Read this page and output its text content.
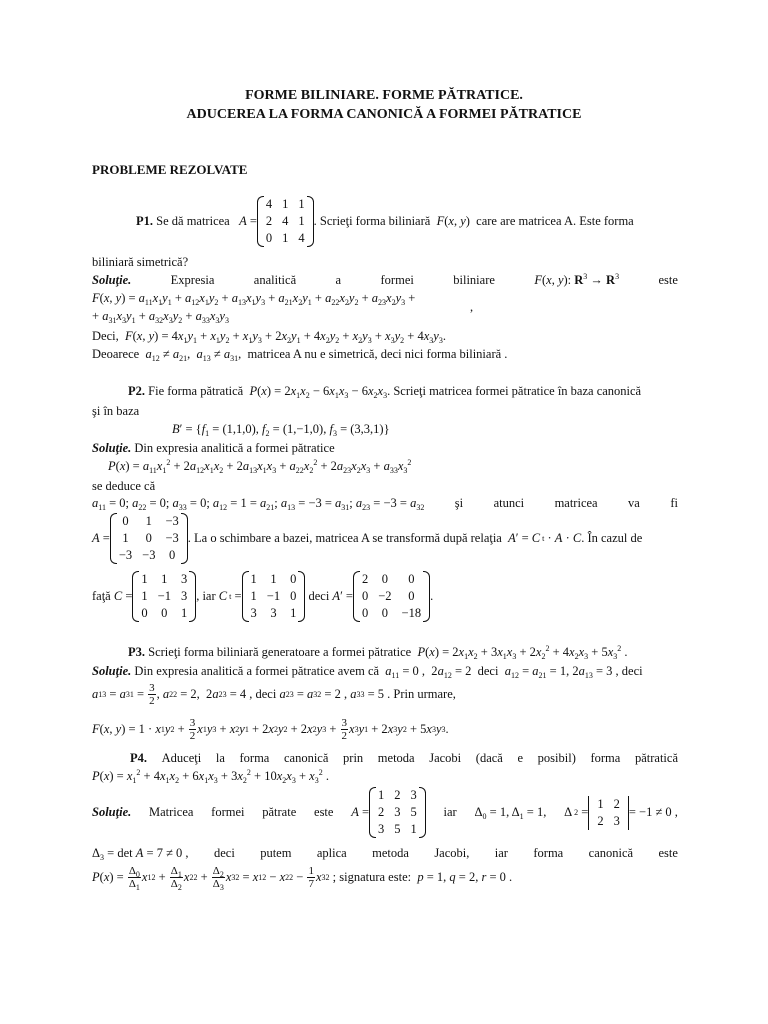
FORME BILINIARE. FORME PĂTRATICE.
ADUCEREA LA FORMA CANONICĂ A FORMEI PĂTRATICE
PROBLEME REZOLVATE
P1.
Se dă matricea
A =
4	1	1
2	4	1
0	1	4
. Scrieţi forma biliniară
F ( x , y ) care are matricea A. Este forma
biliniară simetrică?
Soluţie.	Expresia	analitică	a	formei	biliniare	F(x, y): $R^3 \to R^3$	este
F(x, $y) = a_{11}x_1y_1 + a_{12}x_1y_2 + a_{13}x_1y_3 + a_{21}x_2y_1 + a_{22}x_2y_2 + a_{23}x_2y_3$ +
,
+ $a_{31}x_3y_1 + a_{32}x_3y_2 + a_{33}x_3y_3$
Deci, F(x, $y) = 4x_1y_1 + x_1y_2 + x_1y_3 + 2x_2y_1 + 4x_2y_2 + x_2y_3 + x_3y_2 + 4x_3y_3$.
Deoarece $a_{12} \ne a_{21}$,  $a_{13} \ne a_{31}$,  matricea A nu e simetrică, deci nici forma biliniară .
P2. Fie forma pătratică $P(x) = 2x_1x_2 - 6x_1x_3 - 6x_2x_3$. Scrieţi matricea formei pătratice în baza canonică
şi în baza
$B' = \{f_1 = (1,1,0)$, $f_2 = (1,-1,0)$, $f_3 = (3,3,1)$}
Soluţie. Din expresia analitică a formei pătratice
$P(x) = a_{11}x_1^2 + 2a_{12}x_1x_2 + 2a_{13}x_1x_3 + a_{22}x_2^2 + 2a_{23}x_2x_3 + a_{33}x_3^2$
se deduce că
$a_{11} = 0$; $a_{22} = 0$; $a_{33} = 0$; $a_{12} = 1 = a_{21}$; $a_{13} = -3 = a_{31}$; $a_{23} = -3 = a_{32}$ şi atunci matricea va fi
A =
0	1	−3
1	0	−3
−3	−3	0
. La o schimbare a bazei, matricea A se transformă după relaţia
A ′ = C t · A · C . În cazul de
faţă
C =
1	1	3
1	−1	3
0	0	1
, iar
C t =
1	1	0
1	−1	0
3	3	1

deci
A ′ =
2	0	0
0	−2	0
0	0	−18
.
P3. Scrieţi forma biliniară generatoare a formei pătratice $P(x) = 2x_1x_2 + 3x_1x_3 + 2x_2^2 + 4x_2x_3 + 5x_3^2$ .
Soluţie. Din expresia analitică a formei pătratice avem că $a_{11} = 0$ ,  $2a_{12} = 2$  deci $a_{12} = a_{21} = 1$, $2a_{13} = 3$ , deci
a 13 = a 31 = 3
2 , a 22 = 2,  2 a 23 = 4 , deci
a 23 = a 32 = 2 , a 33 = 5 . Prin urmare,
F ( x , y ) = 1 · x 1 y 2 + 3
2 x 1 y 3 + x 2 y 1 + 2 x 2 y 2 + 2 x 2 y 3 + 3
2 x 3 y 1 + 2 x 3 y 2 + 5 x 3 y 3 .
P4. Aduceţi la forma canonică prin metoda Jacobi (dacă e posibil) forma pătratică
$P(x) = x_1^2 + 4x_1x_2 + 6x_1x_3 + 3x_2^2 + 10x_2x_3 + x_3^2$ .
Soluţie. Matricea formei pătrate este A =
1	2	3
2	3	5
3	5	1
iar $\Delta_0 = 1$, $\Delta_1 = 1$, Δ 2 =
1	2
2	3
= −1 ≠ 0 ,
$\Delta_3 = \det A = 7 \ne 0$ , deci putem aplica metoda Jacobi, iar forma canonică este
P ( x ) = $\Delta_0$
$\Delta_1$
x 1 $2 + \Delta_1$
$\Delta_2$
x 2 $2 + \Delta_2$
$\Delta_3$
x 3 2 = x 1 2 − x 2 2 − 1
7 x 3 2
; signatura este:
p = 1, q = 2, r = 0 .
